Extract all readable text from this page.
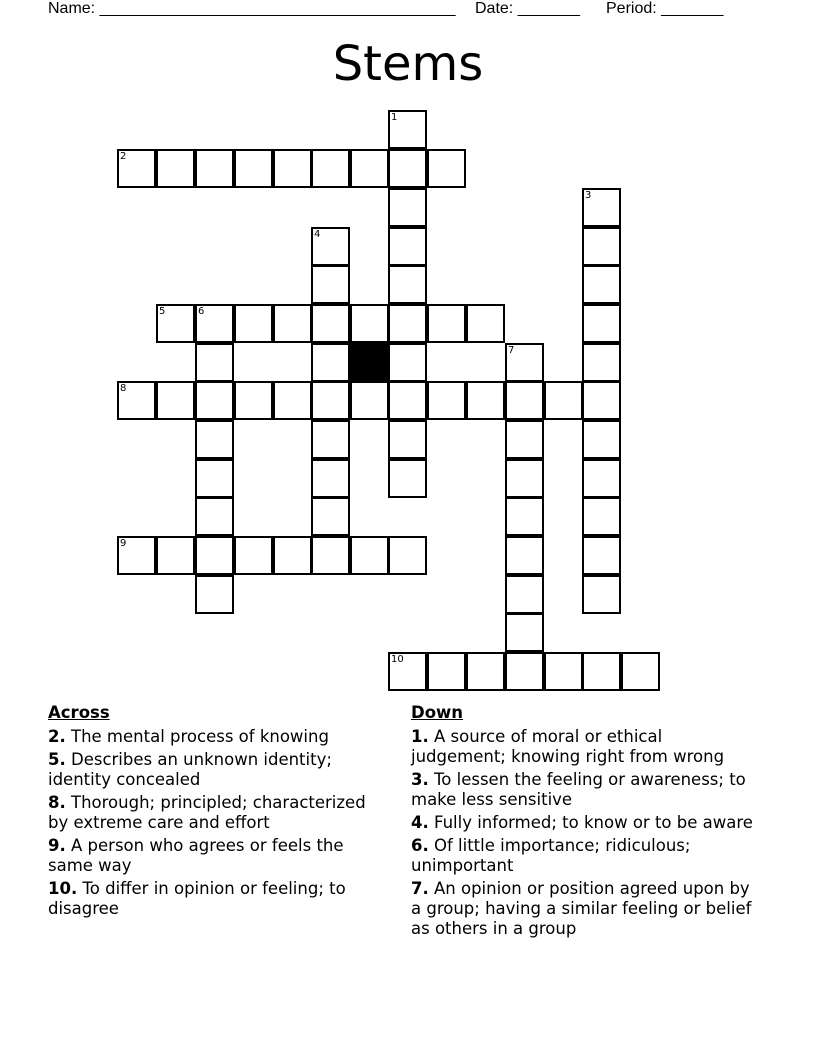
Name: ________________________________________ Date: _______ Period: _______
Stems
1
2
3
4
5	6
7
8
9
10
Across
2. The mental process of knowing
5. Describes an unknown identity; identity concealed
8. Thorough; principled; characterized by extreme care and effort
9. A person who agrees or feels the same way
10. To differ in opinion or feeling; to disagree
Down
1. A source of moral or ethical judgement; knowing right from wrong
3. To lessen the feeling or awareness; to make less sensitive
4. Fully informed; to know or to be aware
6. Of little importance; ridiculous; unimportant
7. An opinion or position agreed upon by a group; having a similar feeling or belief as others in a group
